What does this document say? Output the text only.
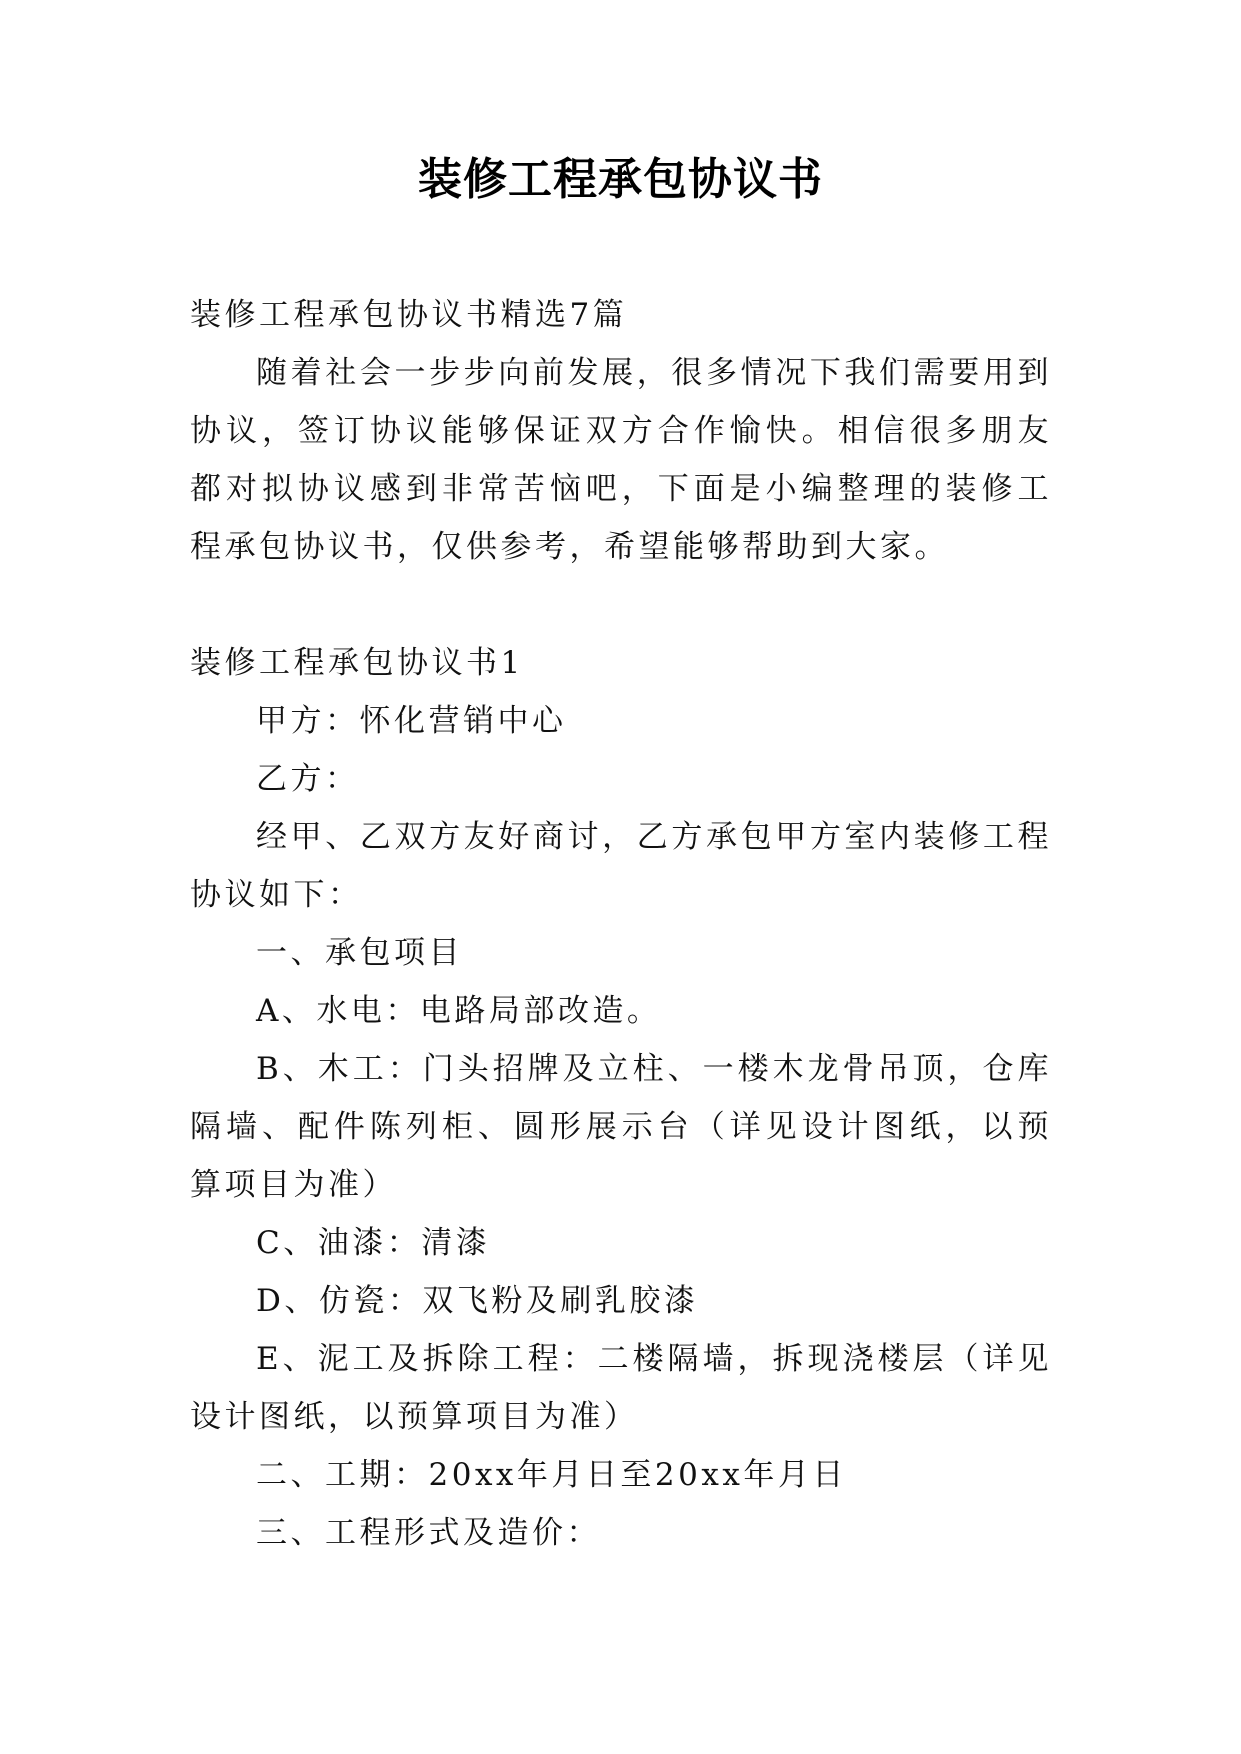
装修工程承包协议书

装修工程承包协议书精选7篇

随着社会一步步向前发展，很多情况下我们需要用到协议，签订协议能够保证双方合作愉快。相信很多朋友都对拟协议感到非常苦恼吧，下面是小编整理的装修工程承包协议书，仅供参考，希望能够帮助到大家。

装修工程承包协议书1

甲方：怀化营销中心

乙方：

经甲、乙双方友好商讨，乙方承包甲方室内装修工程协议如下：

一、承包项目

A、水电：电路局部改造。

B、木工：门头招牌及立柱、一楼木龙骨吊顶，仓库隔墙、配件陈列柜、圆形展示台（详见设计图纸，以预算项目为准）

C、油漆：清漆

D、仿瓷：双飞粉及刷乳胶漆

E、泥工及拆除工程：二楼隔墙，拆现浇楼层（详见设计图纸，以预算项目为准）

二、工期：20xx年月日至20xx年月日

三、工程形式及造价：
